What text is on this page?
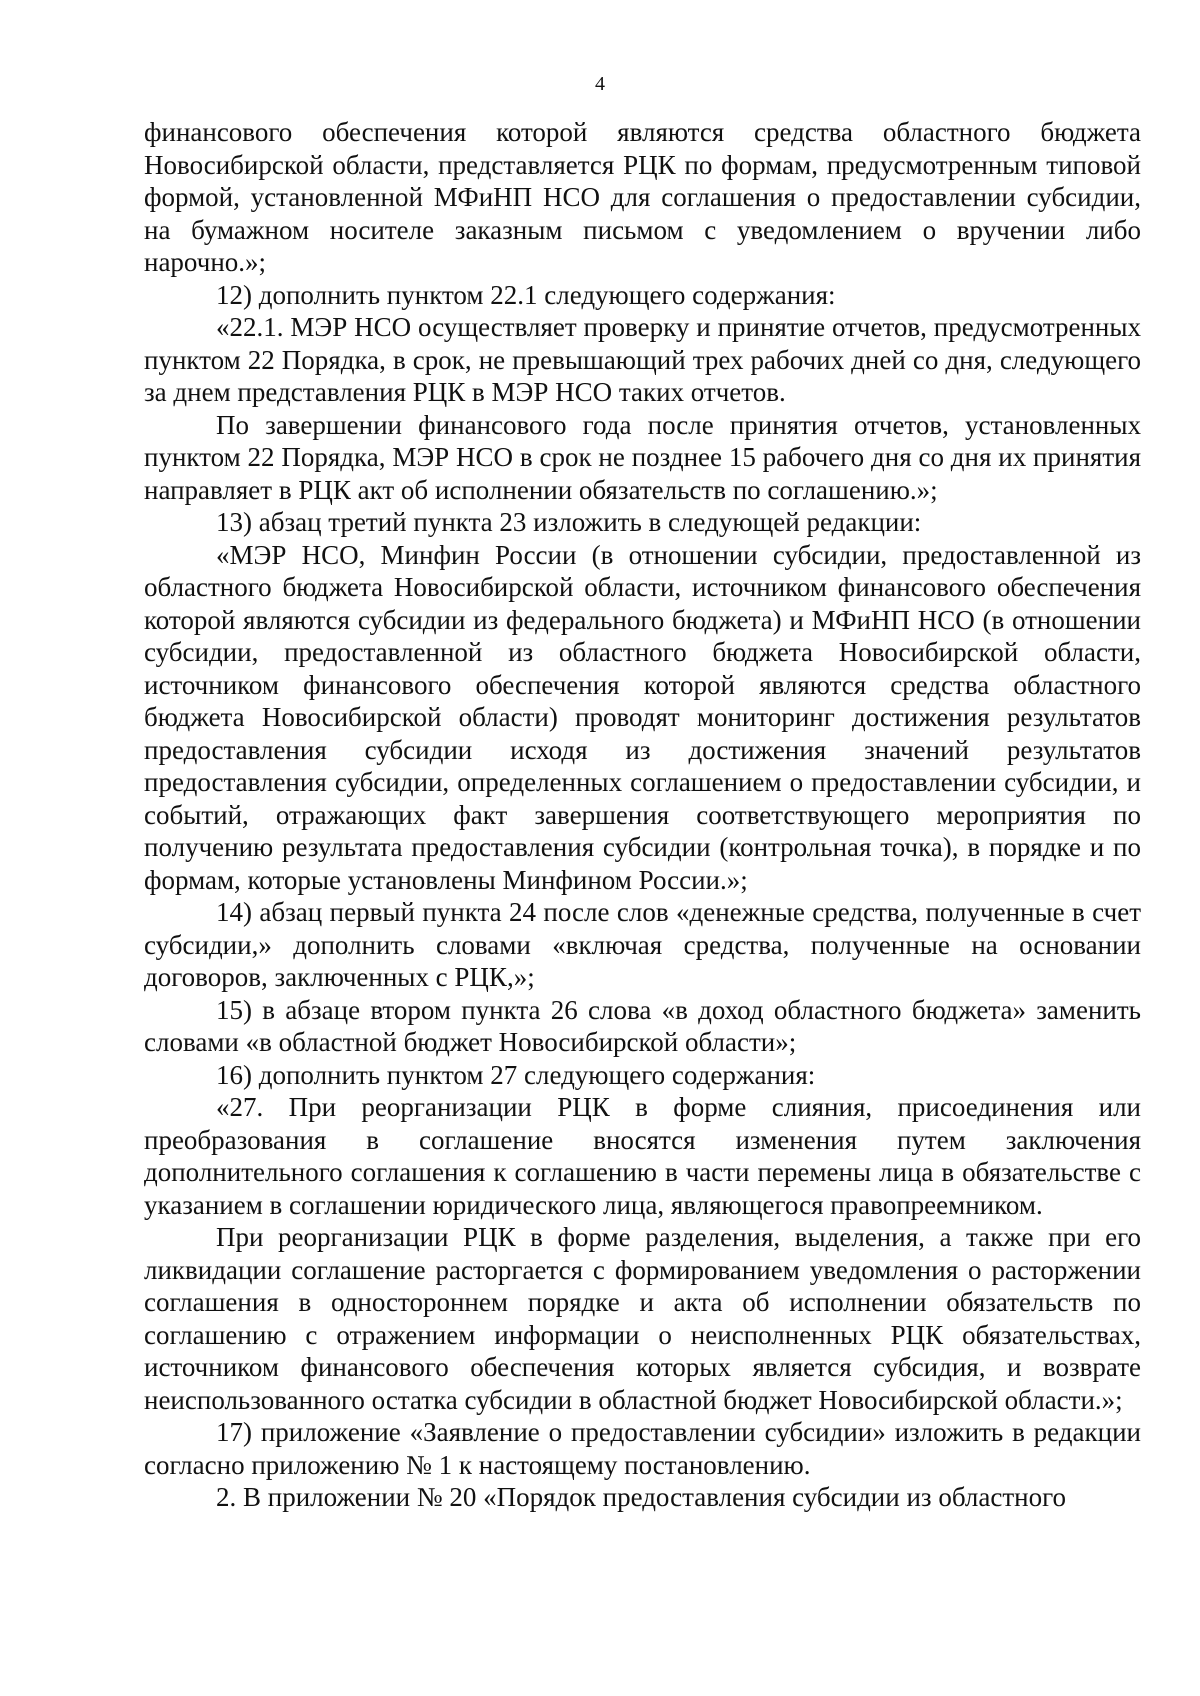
4

финансового обеспечения которой являются средства областного бюджета Новосибирской области, представляется РЦК по формам, предусмотренным типовой формой, установленной МФиНП НСО для соглашения о предоставлении субсидии, на бумажном носителе заказным письмом с уведомлением о вручении либо нарочно.»;

12) дополнить пунктом 22.1 следующего содержания:

«22.1. МЭР НСО осуществляет проверку и принятие отчетов, предусмотренных пунктом 22 Порядка, в срок, не превышающий трех рабочих дней со дня, следующего за днем представления РЦК в МЭР НСО таких отчетов.

По завершении финансового года после принятия отчетов, установленных пунктом 22 Порядка, МЭР НСО в срок не позднее 15 рабочего дня со дня их принятия направляет в РЦК акт об исполнении обязательств по соглашению.»;

13) абзац третий пункта 23 изложить в следующей редакции:

«МЭР НСО, Минфин России (в отношении субсидии, предоставленной из областного бюджета Новосибирской области, источником финансового обеспечения которой являются субсидии из федерального бюджета) и МФиНП НСО (в отношении субсидии, предоставленной из областного бюджета Новосибирской области, источником финансового обеспечения которой являются средства областного бюджета Новосибирской области) проводят мониторинг достижения результатов предоставления субсидии исходя из достижения значений результатов предоставления субсидии, определенных соглашением о предоставлении субсидии, и событий, отражающих факт завершения соответствующего мероприятия по получению результата предоставления субсидии (контрольная точка), в порядке и по формам, которые установлены Минфином России.»;

14) абзац первый пункта 24 после слов «денежные средства, полученные в счет субсидии,» дополнить словами «включая средства, полученные на основании договоров, заключенных с РЦК,»;

15) в абзаце втором пункта 26 слова «в доход областного бюджета» заменить словами «в областной бюджет Новосибирской области»;

16) дополнить пунктом 27 следующего содержания:

«27. При реорганизации РЦК в форме слияния, присоединения или преобразования в соглашение вносятся изменения путем заключения дополнительного соглашения к соглашению в части перемены лица в обязательстве с указанием в соглашении юридического лица, являющегося правопреемником.

При реорганизации РЦК в форме разделения, выделения, а также при его ликвидации соглашение расторгается с формированием уведомления о расторжении соглашения в одностороннем порядке и акта об исполнении обязательств по соглашению с отражением информации о неисполненных РЦК обязательствах, источником финансового обеспечения которых является субсидия, и возврате неиспользованного остатка субсидии в областной бюджет Новосибирской области.»;

17) приложение «Заявление о предоставлении субсидии» изложить в редакции согласно приложению № 1 к настоящему постановлению.

2. В приложении № 20 «Порядок предоставления субсидии из областного
